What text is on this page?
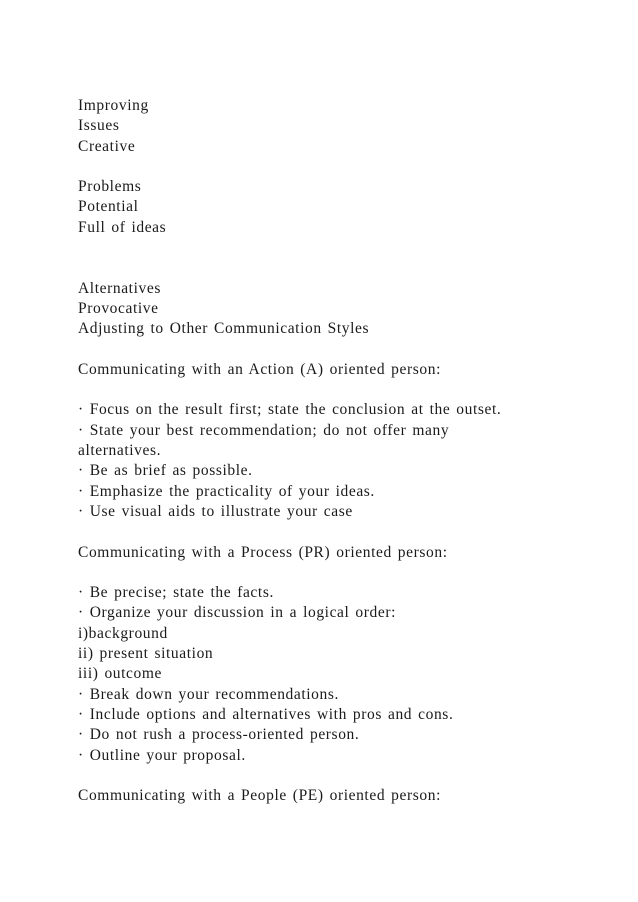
Improving
Issues
Creative
Problems
Potential
Full of ideas
Alternatives
Provocative
Adjusting to Other Communication Styles
Communicating with an Action (A) oriented person:
· Focus on the result first; state the conclusion at the outset.
· State your best recommendation; do not offer many
alternatives.
· Be as brief as possible.
· Emphasize the practicality of your ideas.
· Use visual aids to illustrate your case
Communicating with a Process (PR) oriented person:
· Be precise; state the facts.
· Organize your discussion in a logical order:
i)background
ii) present situation
iii) outcome
· Break down your recommendations.
· Include options and alternatives with pros and cons.
· Do not rush a process-oriented person.
· Outline your proposal.
Communicating with a People (PE) oriented person:
